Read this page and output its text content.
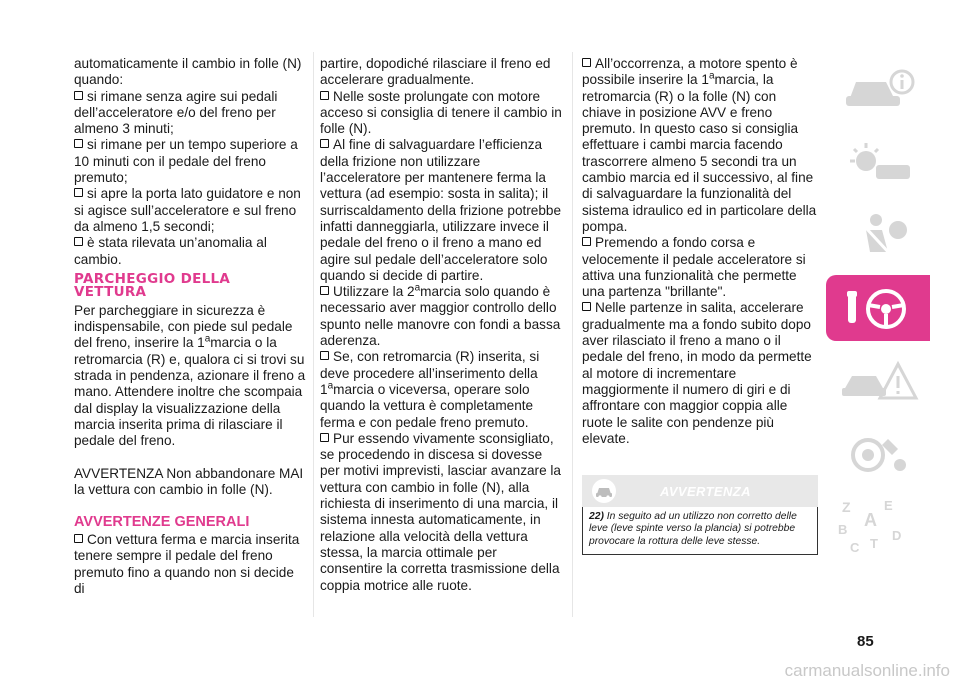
automaticamente il cambio in folle (N) quando:

si rimane senza agire sui pedali dell’acceleratore e/o del freno per almeno 3 minuti;

si rimane per un tempo superiore a 10 minuti con il pedale del freno premuto;

si apre la porta lato guidatore e non si agisce sull’acceleratore e sul freno da almeno 1,5 secondi;

è stata rilevata un’anomalia al cambio.

PARCHEGGIO DELLA VETTURA

Per parcheggiare in sicurezza è indispensabile, con piede sul pedale del freno, inserire la 1$^a$marcia o la retromarcia (R) e, qualora ci si trovi su strada in pendenza, azionare il freno a mano. Attendere inoltre che scompaia dal display la visualizzazione della marcia inserita prima di rilasciare il pedale del freno.

AVVERTENZA Non abbandonare MAI la vettura con cambio in folle (N).

AVVERTENZE GENERALI

Con vettura ferma e marcia inserita tenere sempre il pedale del freno premuto fino a quando non si decide di

partire, dopodiché rilasciare il freno ed accelerare gradualmente.

Nelle soste prolungate con motore acceso si consiglia di tenere il cambio in folle (N).

Al fine di salvaguardare l’efficienza della frizione non utilizzare l’acceleratore per mantenere ferma la vettura (ad esempio: sosta in salita); il surriscaldamento della frizione potrebbe infatti danneggiarla, utilizzare invece il pedale del freno o il freno a mano ed agire sul pedale dell’acceleratore solo quando si decide di partire.

Utilizzare la 2$^a$marcia solo quando è necessario aver maggior controllo dello spunto nelle manovre con fondi a bassa aderenza.

Se, con retromarcia (R) inserita, si deve procedere all’inserimento della 1$^a$marcia o viceversa, operare solo quando la vettura è completamente ferma e con pedale freno premuto.

Pur essendo vivamente sconsigliato, se procedendo in discesa si dovesse per motivi imprevisti, lasciar avanzare la vettura con cambio in folle (N), alla richiesta di inserimento di una marcia, il sistema innesta automaticamente, in relazione alla velocità della vettura stessa, la marcia ottimale per consentire la corretta trasmissione della coppia motrice alle ruote.

All’occorrenza, a motore spento è possibile inserire la 1$^a$marcia, la retromarcia (R) o la folle (N) con chiave in posizione AVV e freno premuto. In questo caso si consiglia effettuare i cambi marcia facendo trascorrere almeno 5 secondi tra un cambio marcia ed il successivo, al fine di salvaguardare la funzionalità del sistema idraulico ed in particolare della pompa.

Premendo a fondo corsa e velocemente il pedale acceleratore si attiva una funzionalità che permette una partenza "brillante".

Nelle partenze in salita, accelerare gradualmente ma a fondo subito dopo aver rilasciato il freno a mano o il pedale del freno, in modo da permette al motore di incrementare maggiormente il numero di giri e di affrontare con maggior coppia alle ruote le salite con pendenze più elevate.

AVVERTENZA
22) In seguito ad un utilizzo non corretto delle leve (leve spinte verso la plancia) si potrebbe provocare la rottura delle leve stesse.
Z	E
A
B
C T
D
85
carmanualsonline.info
